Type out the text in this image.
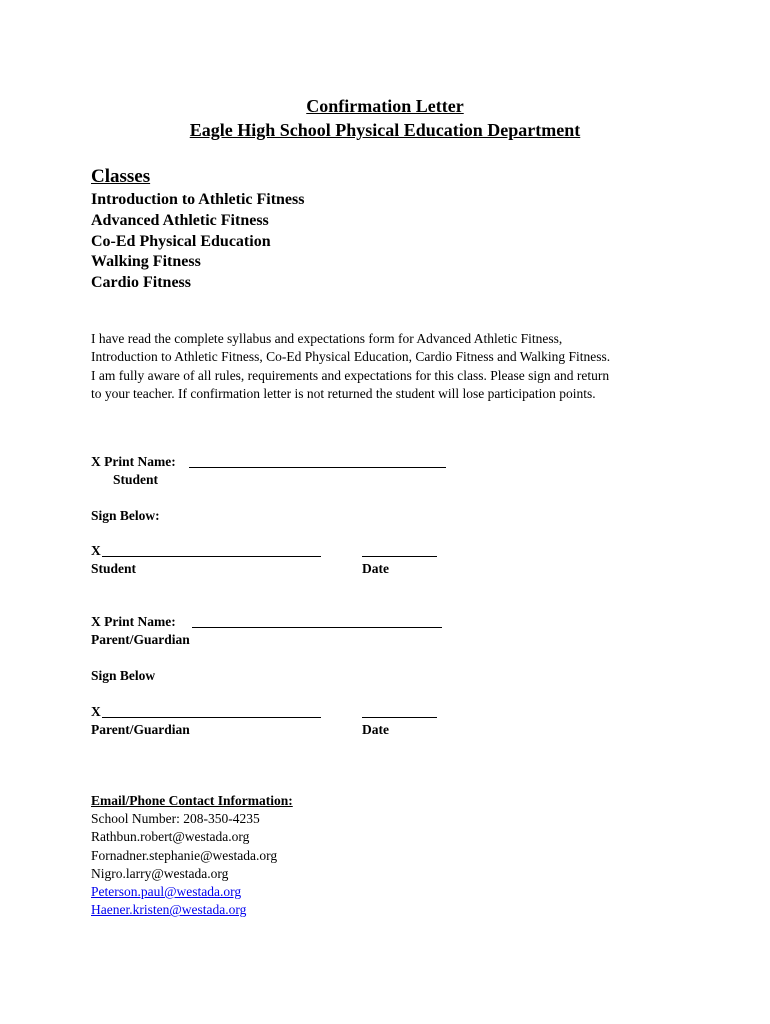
Confirmation Letter
Eagle High School Physical Education Department
Classes
Introduction to Athletic Fitness
Advanced Athletic Fitness
Co-Ed Physical Education
Walking Fitness
Cardio Fitness
I have read the complete syllabus and expectations form for Advanced Athletic Fitness,
Introduction to Athletic Fitness, Co-Ed Physical Education, Cardio Fitness and Walking Fitness.
I am fully aware of all rules, requirements and expectations for this class. Please sign and return
to your teacher. If confirmation letter is not returned the student will lose participation points.
X Print Name:
Student
Sign Below:
X
Student	Date
X Print Name:
Parent/Guardian
Sign Below
X
Parent/Guardian	Date
Email/Phone Contact Information:
School Number: 208-350-4235
Rathbun.robert@westada.org
Fornadner.stephanie@westada.org
Nigro.larry@westada.org
Peterson.paul@westada.org
Haener.kristen@westada.org
